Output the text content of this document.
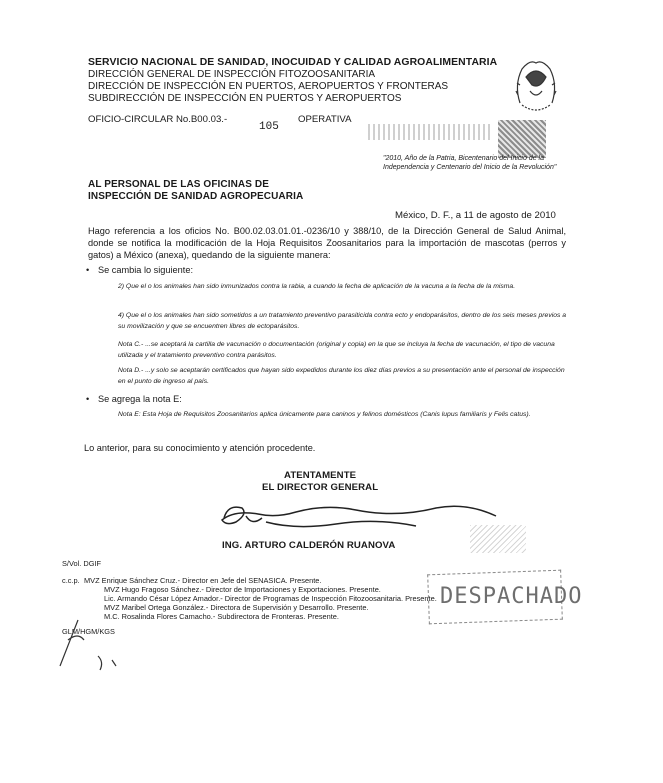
SERVICIO NACIONAL DE SANIDAD, INOCUIDAD Y CALIDAD AGROALIMENTARIA
DIRECCIÓN GENERAL DE INSPECCIÓN FITOZOOSANITARIA
DIRECCIÓN DE INSPECCIÓN EN PUERTOS, AEROPUERTOS Y FRONTERAS
SUBDIRECCIÓN DE INSPECCIÓN EN PUERTOS Y AEROPUERTOS
OFICIO-CIRCULAR No.B00.03.-
105
OPERATIVA
"2010, Año de la Patria, Bicentenario del Inicio de la
Independencia y Centenario del Inicio de la Revolución"
AL PERSONAL DE LAS OFICINAS DE
INSPECCIÓN DE SANIDAD AGROPECUARIA
México, D. F., a 11 de agosto de 2010
Hago referencia a los oficios No. B00.02.03.01.01.-0236/10 y 388/10, de la Dirección General de Salud Animal, donde se notifica la modificación de la Hoja Requisitos Zoosanitarios para la importación de mascotas (perros y gatos) a México (anexa), quedando de la siguiente manera:
• Se cambia lo siguiente:
2) Que el o los animales han sido inmunizados contra la rabia, a cuando la fecha de aplicación de la vacuna a la fecha de la misma.
4) Que el o los animales han sido sometidos a un tratamiento preventivo parasiticida contra ecto y endoparásitos, dentro de los seis meses previos a su movilización y que se encuentren libres de ectoparásitos.
Nota C.- ...se aceptará la cartilla de vacunación o documentación (original y copia) en la que se incluya la fecha de vacunación, el tipo de vacuna utilizada y el tratamiento preventivo contra parásitos.
Nota D.- ...y solo se aceptarán certificados que hayan sido expedidos durante los diez días previos a su presentación ante el personal de inspección en el punto de ingreso al país.
• Se agrega la nota E:
Nota E: Esta Hoja de Requisitos Zoosanitarios aplica únicamente para caninos y felinos domésticos (Canis lupus familiaris y Felis catus).
Lo anterior, para su conocimiento y atención procedente.
ATENTAMENTE
EL DIRECTOR GENERAL
ING. ARTURO CALDERÓN RUANOVA
S/Vol. DGIF
c.c.p. MVZ Enrique Sánchez Cruz.- Director en Jefe del SENASICA. Presente.
MVZ Hugo Fragoso Sánchez.- Director de Importaciones y Exportaciones. Presente.
Lic. Armando César López Amador.- Director de Programas de Inspección Fitozoosanitaria. Presente.
MVZ Maribel Ortega González.- Directora de Supervisión y Desarrollo. Presente.
M.C. Rosalinda Flores Camacho.- Subdirectora de Fronteras. Presente.
GLM/HGM/KGS
DESPACHADO
